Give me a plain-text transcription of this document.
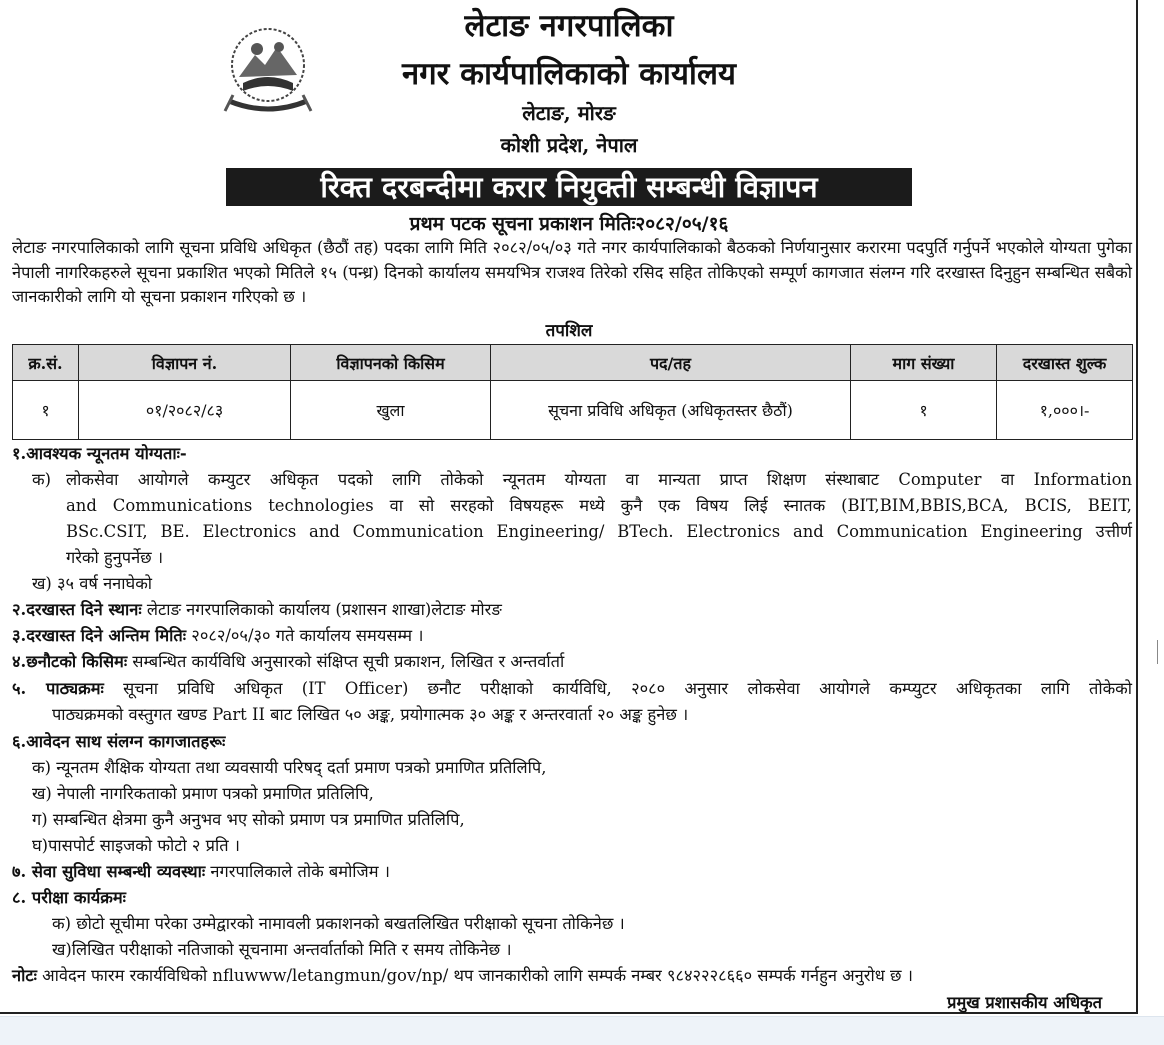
लेटाङ नगरपालिका
नगर कार्यपालिकाको कार्यालय
लेटाङ, मोरङ
कोशी प्रदेश, नेपाल
रिक्त दरबन्दीमा करार नियुक्ती सम्बन्धी विज्ञापन
प्रथम पटक सूचना प्रकाशन मितिः२०८२/०५/१६

लेटाङ नगरपालिकाको लागि सूचना प्रविधि अधिकृत (छैठौं तह) पदका लागि मिति २०८२/०५/०३ गते नगर कार्यपालिकाको बैठकको निर्णयानुसार करारमा पदपुर्ति गर्नुपर्ने भएकोले योग्यता पुगेका नेपाली नागरिकहरुले सूचना प्रकाशित भएको मितिले १५ (पन्ध्र) दिनको कार्यालय समयभित्र राजश्व तिरेको रसिद सहित तोकिएको सम्पूर्ण कागजात संलग्न गरि दरखास्त दिनुहुन सम्बन्धित सबैको जानकारीको लागि यो सूचना प्रकाशन गरिएको छ ।

तपशिल
क्र.सं.	विज्ञापन नं.	विज्ञापनको किसिम	पद/तह	माग संख्या	दरखास्त शुल्क
१	०१/२०८२/८३	खुला	सूचना प्रविधि अधिकृत (अधिकृतस्तर छैठौं)	१	१,०००।-
१.आवश्यक न्यूनतम योग्यताः-
क) लोकसेवा आयोगले कम्युटर अधिकृत पदको लागि तोकेको न्यूनतम योग्यता वा मान्यता प्राप्त शिक्षण संस्थाबाट Computer वा Information
and Communications technologies वा सो सरहको विषयहरू मध्ये कुनै एक विषय लिई स्नातक (BIT,BIM,BBIS,BCA, BCIS, BEIT,
BSc.CSIT, BE. Electronics and Communication Engineering/ BTech. Electronics and Communication Engineering उत्तीर्ण
गरेको हुनुपर्नेछ ।
ख) ३५ वर्ष ननाघेको
२.दरखास्त दिने स्थानः लेटाङ नगरपालिकाको कार्यालय (प्रशासन शाखा)लेटाङ मोरङ
३.दरखास्त दिने अन्तिम मितिः २०८२/०५/३० गते कार्यालय समयसम्म ।
४.छनौटको किसिमः सम्बन्धित कार्यविधि अनुसारको संक्षिप्त सूची प्रकाशन, लिखित र अन्तर्वार्ता
५. पाठ्यक्रमः सूचना प्रविधि अधिकृत (IT Officer) छनौट परीक्षाको कार्यविधि, २०८० अनुसार लोकसेवा आयोगले कम्प्युटर अधिकृतका लागि तोकेको
पाठ्यक्रमको वस्तुगत खण्ड Part II बाट लिखित ५० अङ्क, प्रयोगात्मक ३० अङ्क र अन्तरवार्ता २० अङ्क हुनेछ ।
६.आवेदन साथ संलग्न कागजातहरूः
क) न्यूनतम शैक्षिक योग्यता तथा व्यवसायी परिषद् दर्ता प्रमाण पत्रको प्रमाणित प्रतिलिपि,
ख) नेपाली नागरिकताको प्रमाण पत्रको प्रमाणित प्रतिलिपि,
ग) सम्बन्धित क्षेत्रमा कुनै अनुभव भए सोको प्रमाण पत्र प्रमाणित प्रतिलिपि,
घ)पासपोर्ट साइजको फोटो २ प्रति ।
७. सेवा सुविधा सम्बन्धी व्यवस्थाः नगरपालिकाले तोके बमोजिम ।
८. परीक्षा कार्यक्रमः
क) छोटो सूचीमा परेका उम्मेद्वारको नामावली प्रकाशनको बखतलिखित परीक्षाको सूचना तोकिनेछ ।
ख)लिखित परीक्षाको नतिजाको सूचनामा अन्तर्वार्ताको मिति र समय तोकिनेछ ।
नोटः आवेदन फारम रकार्यविधिको nfluwww/letangmun/gov/np/ थप जानकारीको लागि सम्पर्क नम्बर ९८४२२२८६६० सम्पर्क गर्नहुन अनुरोध छ ।
प्रमुख प्रशासकीय अधिकृत
